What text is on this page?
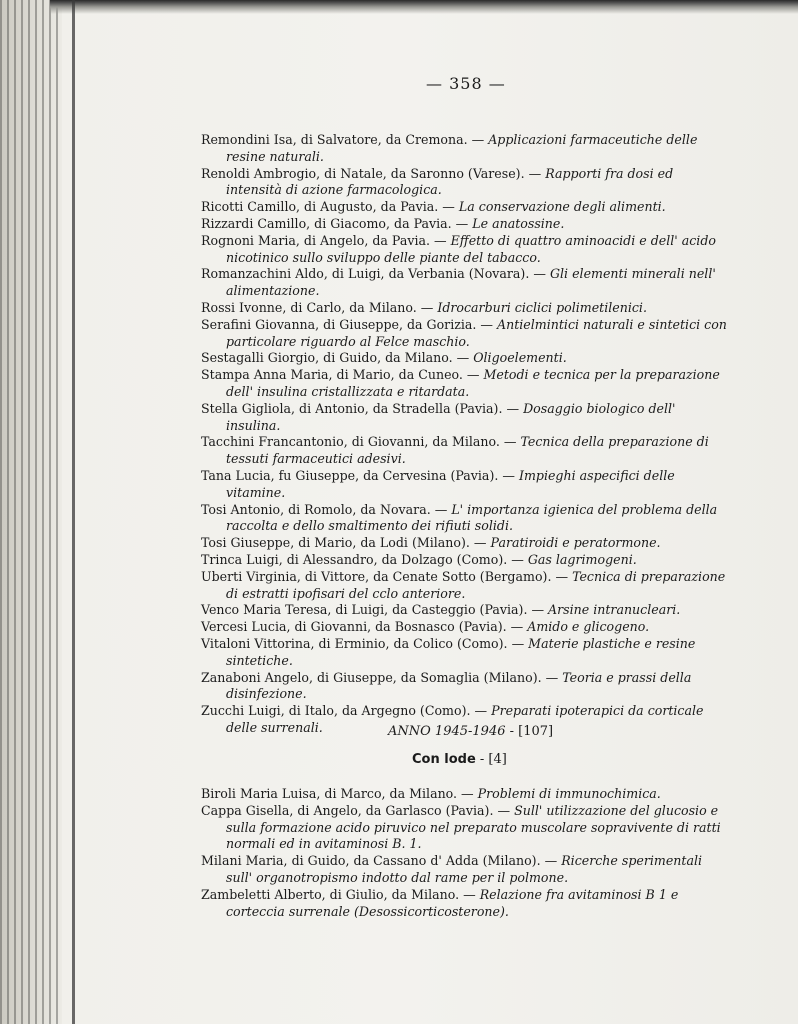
— 358 —

Remondini Isa, di Salvatore, da Cremona. — Applicazioni farmaceutiche delle resine naturali.

Renoldi Ambrogio, di Natale, da Saronno (Varese). — Rapporti fra dosi ed intensità di azione farmacologica.

Ricotti Camillo, di Augusto, da Pavia. — La conservazione degli alimenti.

Rizzardi Camillo, di Giacomo, da Pavia. — Le anatossine.

Rognoni Maria, di Angelo, da Pavia. — Effetto di quattro aminoacidi e dell' acido nicotinico sullo sviluppo delle piante del tabacco.

Romanzachini Aldo, di Luigi, da Verbania (Novara). — Gli elementi minerali nell' alimentazione.

Rossi Ivonne, di Carlo, da Milano. — Idrocarburi ciclici polimetilenici.

Serafini Giovanna, di Giuseppe, da Gorizia. — Antielmintici naturali e sintetici con particolare riguardo al Felce maschio.

Sestagalli Giorgio, di Guido, da Milano. — Oligoelementi.

Stampa Anna Maria, di Mario, da Cuneo. — Metodi e tecnica per la preparazione dell' insulina cristallizzata e ritardata.

Stella Gigliola, di Antonio, da Stradella (Pavia). — Dosaggio biologico dell' insulina.

Tacchini Francantonio, di Giovanni, da Milano. — Tecnica della preparazione di tessuti farmaceutici adesivi.

Tana Lucia, fu Giuseppe, da Cervesina (Pavia). — Impieghi aspecifici delle vitamine.

Tosi Antonio, di Romolo, da Novara. — L' importanza igienica del problema della raccolta e dello smaltimento dei rifiuti solidi.

Tosi Giuseppe, di Mario, da Lodi (Milano). — Paratiroidi e peratormone.

Trinca Luigi, di Alessandro, da Dolzago (Como). — Gas lagrimogeni.

Uberti Virginia, di Vittore, da Cenate Sotto (Bergamo). — Tecnica di preparazione di estratti ipofisari del cclo anteriore.

Venco Maria Teresa, di Luigi, da Casteggio (Pavia). — Arsine intranucleari.

Vercesi Lucia, di Giovanni, da Bosnasco (Pavia). — Amido e glicogeno.

Vitaloni Vittorina, di Erminio, da Colico (Como). — Materie plastiche e resine sintetiche.

Zanaboni Angelo, di Giuseppe, da Somaglia (Milano). — Teoria e prassi della disinfezione.

Zucchi Luigi, di Italo, da Argegno (Como). — Preparati ipoterapici da corticale delle surrenali.	ANNO 1945-1946 - [107]
Con lode - [4]

Biroli Maria Luisa, di Marco, da Milano. — Problemi di immunochimica.

Cappa Gisella, di Angelo, da Garlasco (Pavia). — Sull' utilizzazione del glucosio e sulla formazione acido piruvico nel preparato muscolare sopravivente di ratti normali ed in avitaminosi B. 1.

Milani Maria, di Guido, da Cassano d' Adda (Milano). — Ricerche sperimentali sull' organotropismo indotto dal rame per il polmone.

Zambeletti Alberto, di Giulio, da Milano. — Relazione fra avitaminosi B 1 e corteccia surrenale (Desossicorticosterone).
